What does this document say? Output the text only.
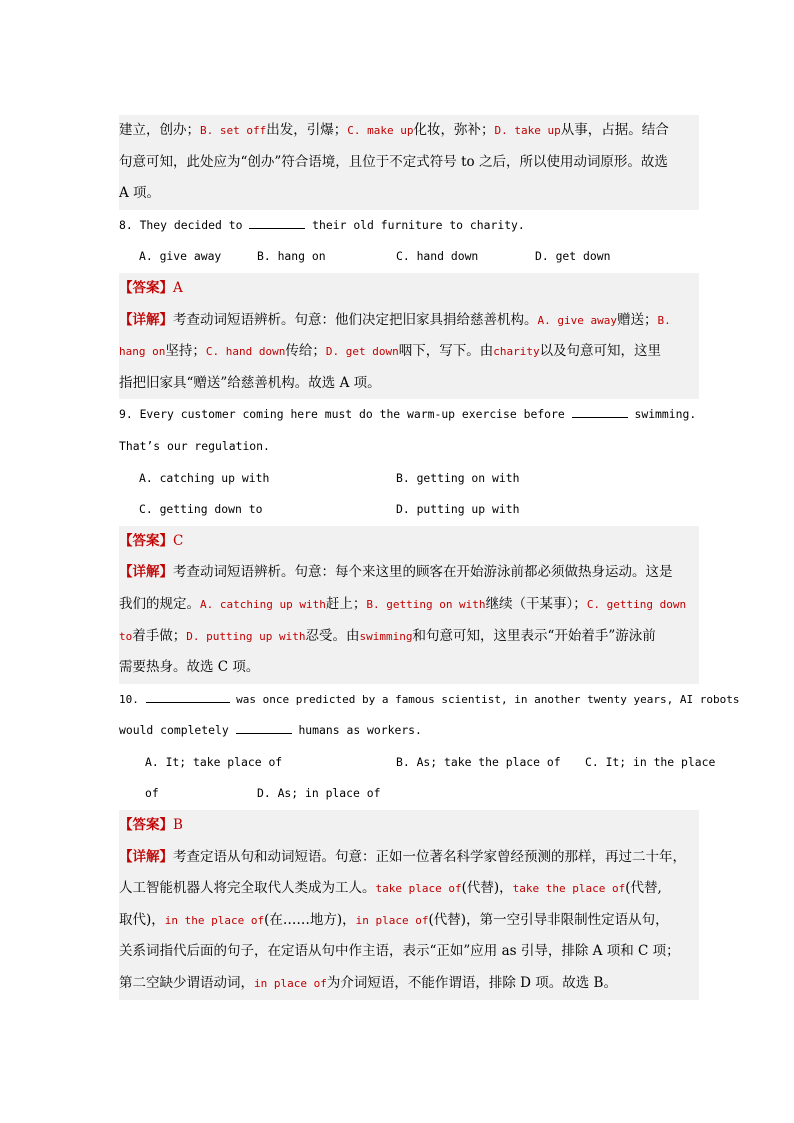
建立，创办；B. set off出发，引爆；C. make up化妆，弥补；D. take up从事，占据。结合
句意可知，此处应为“创办”符合语境，且位于不定式符号 to 之后，所以使用动词原形。故选
A 项。
8. They decided to	their old furniture to charity.
A. give away	B. hang on	C. hand down	D. get down

【答案】A
【详解】考查动词短语辨析。句意：他们决定把旧家具捐给慈善机构。A. give away赠送；B.
hang on坚持；C. hand down传给；D. get down咽下，写下。由charity以及句意可知，这里
指把旧家具“赠送”给慈善机构。故选 A 项。
9. Every customer coming here must do the warm-up exercise before	swimming.
That’s our regulation.
A. catching up with	B. getting on with

C. getting down to	D. putting up with

【答案】C
【详解】考查动词短语辨析。句意：每个来这里的顾客在开始游泳前都必须做热身运动。这是
我们的规定。A. catching up with赶上；B. getting on with继续（干某事）；C. getting down
to着手做；D. putting up with忍受。由swimming和句意可知，这里表示“开始着手”游泳前
需要热身。故选 C 项。
10.	was once predicted by a famous scientist, in another twenty years, AI robots
would completely	humans as workers.
A. It; take place of	B. As; take the place of C. It; in the place

of	D. As; in place of

【答案】B
【详解】考查定语从句和动词短语。句意：正如一位著名科学家曾经预测的那样，再过二十年，
人工智能机器人将完全取代人类成为工人。take place of(代替)，take the place of(代替,
取代)，in the place of(在……地方)，in place of(代替)，第一空引导非限制性定语从句，
关系词指代后面的句子，在定语从句中作主语，表示“正如”应用 as 引导，排除 A 项和 C 项；
第二空缺少谓语动词，in place of为介词短语，不能作谓语，排除 D 项。故选 B。
